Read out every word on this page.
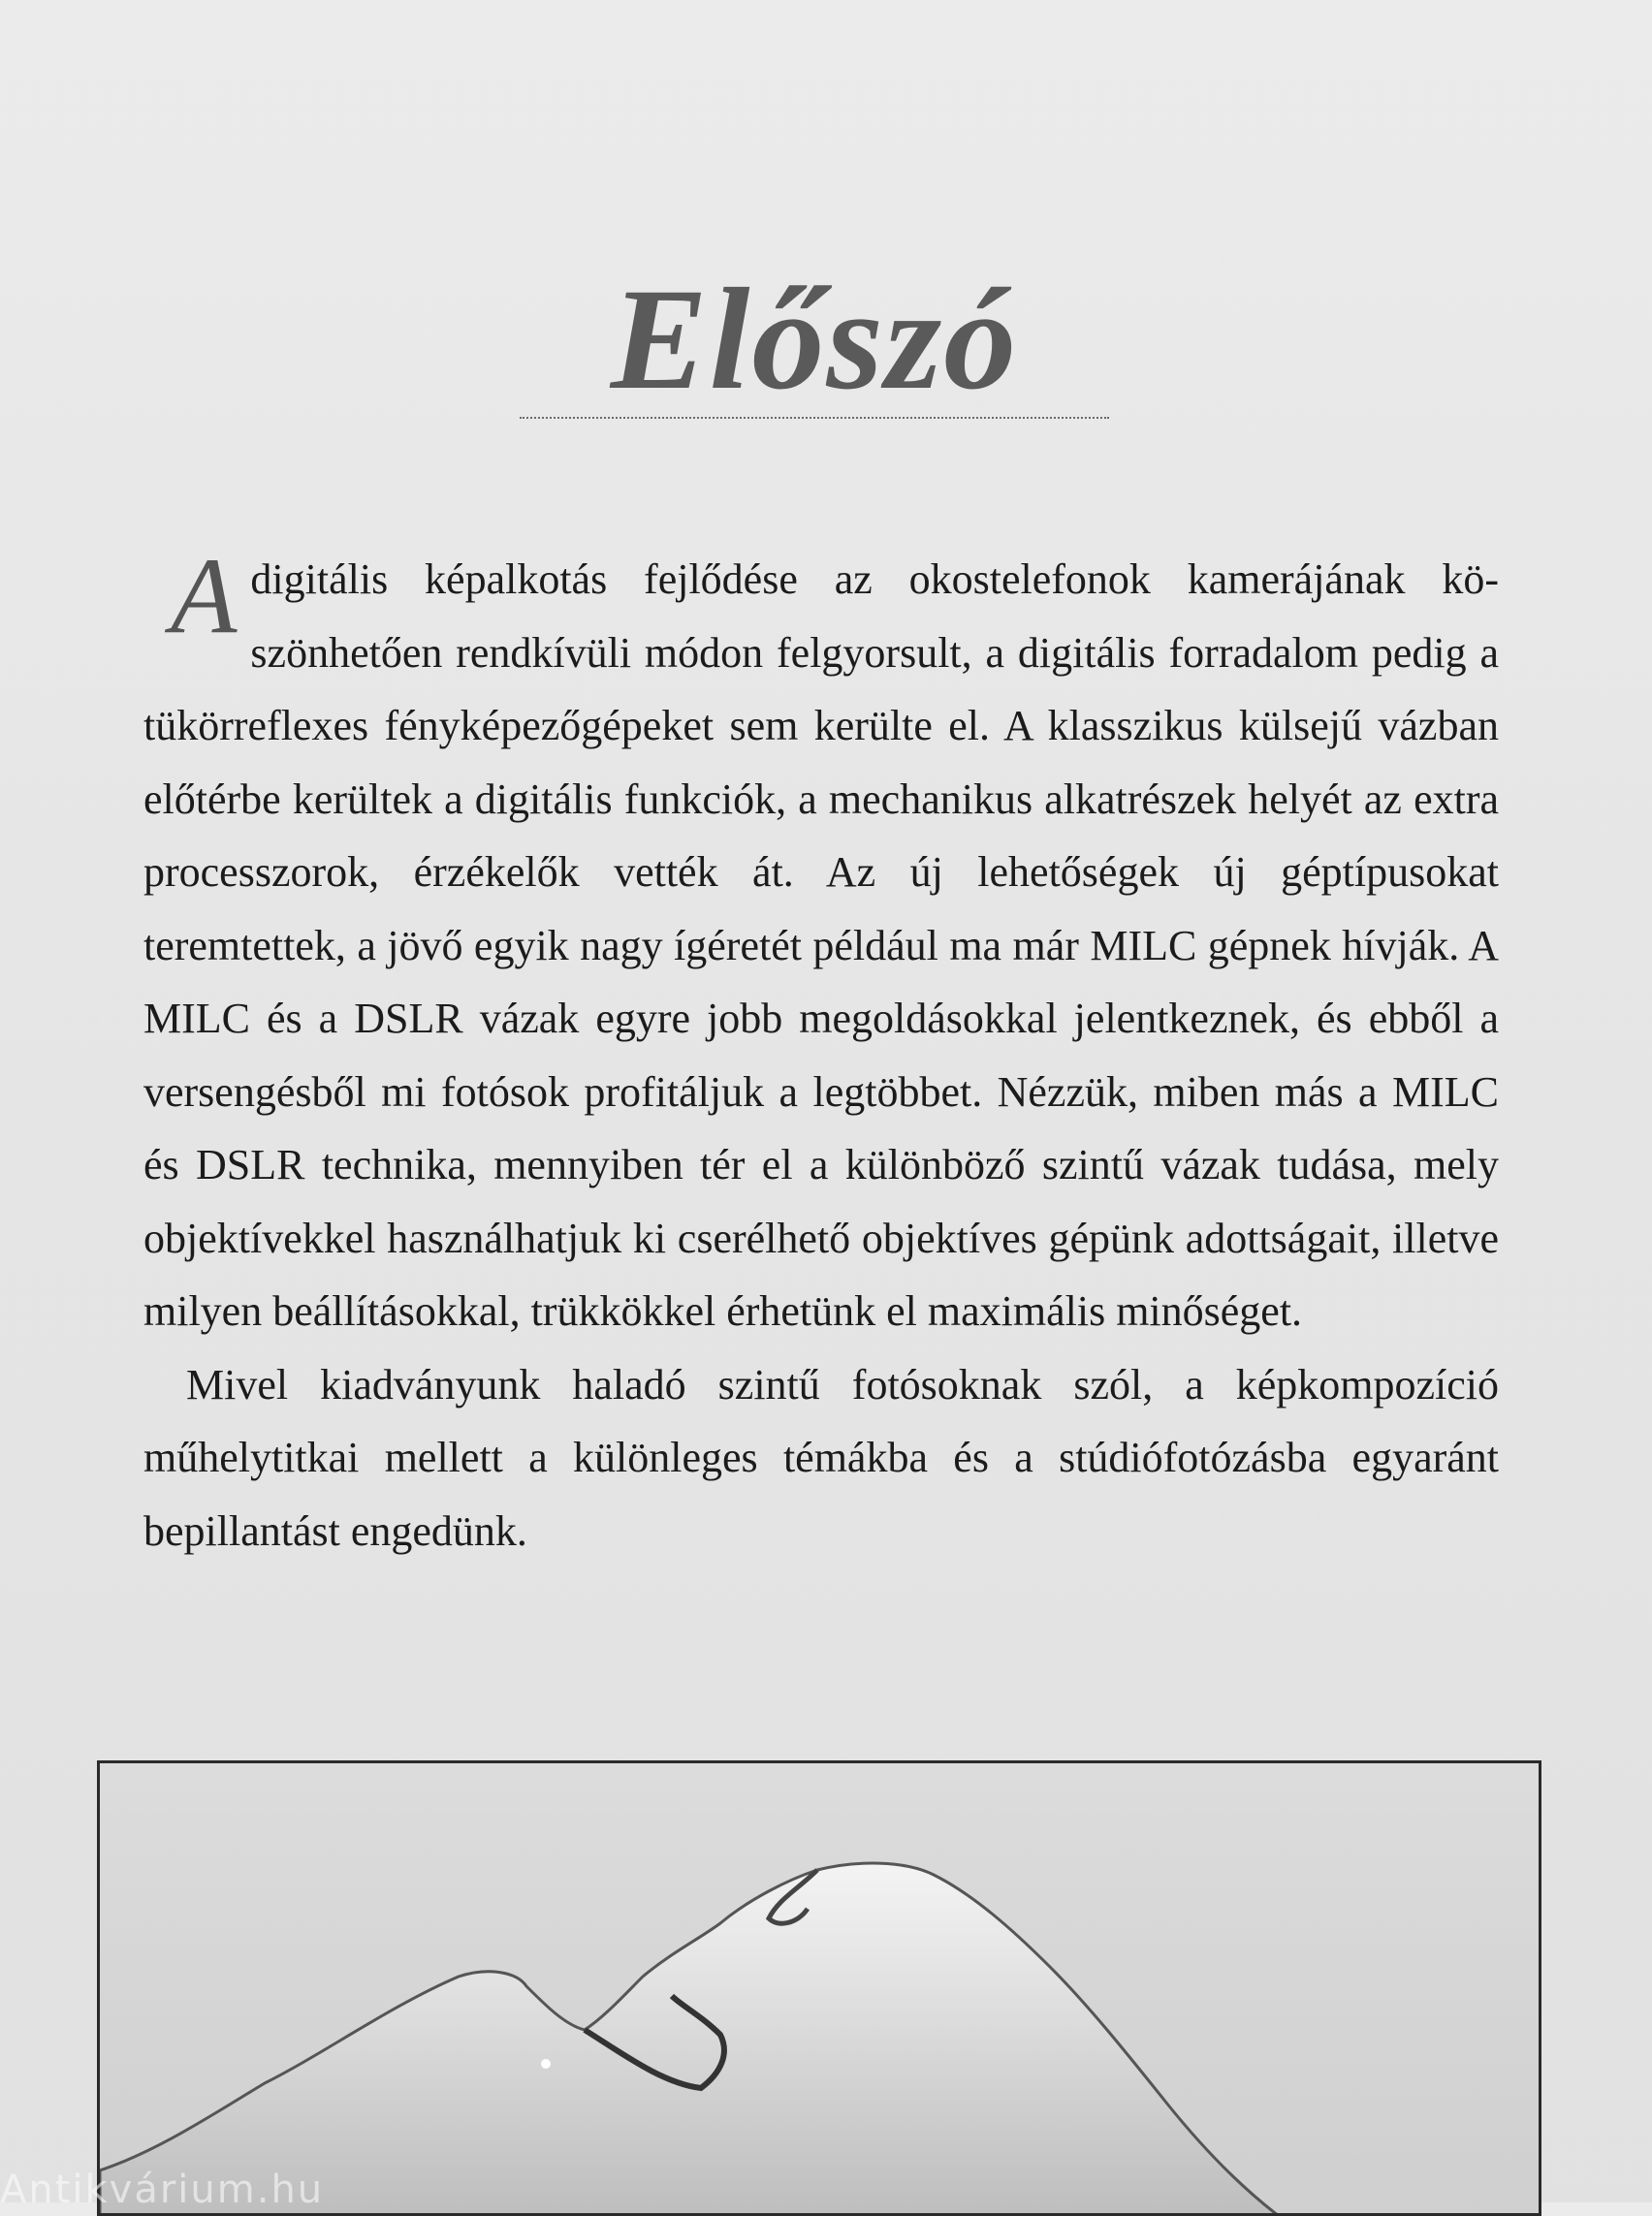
Előszó

A digitális képalkotás fejlődése az okostelefonok kamerájának köszönhetően rendkívüli módon felgyorsult, a digitális forradalom pedig a tükörreflexes fényképezőgépeket sem kerülte el. A klasszikus külsejű vázban előtérbe kerültek a digitális funkciók, a mechanikus alkatrészek helyét az extra processzorok, érzékelők vették át. Az új lehetőségek új géptípusokat teremtettek, a jövő egyik nagy ígéretét például ma már MILC gépnek hívják. A MILC és a DSLR vázak egyre jobb megoldásokkal jelentkeznek, és ebből a versengésből mi fotósok profitáljuk a legtöbbet. Nézzük, miben más a MILC és DSLR technika, mennyiben tér el a különböző szintű vázak tudása, mely objektívekkel használhatjuk ki cserélhető objektíves gépünk adottságait, illetve milyen beállításokkal, trükkökkel érhetünk el maximális minőséget.

Mivel kiadványunk haladó szintű fotósoknak szól, a képkompozíció műhelytitkai mellett a különleges témákba és a stúdiófotózásba egyaránt bepillantást engedünk.

Antikvárium.hu
